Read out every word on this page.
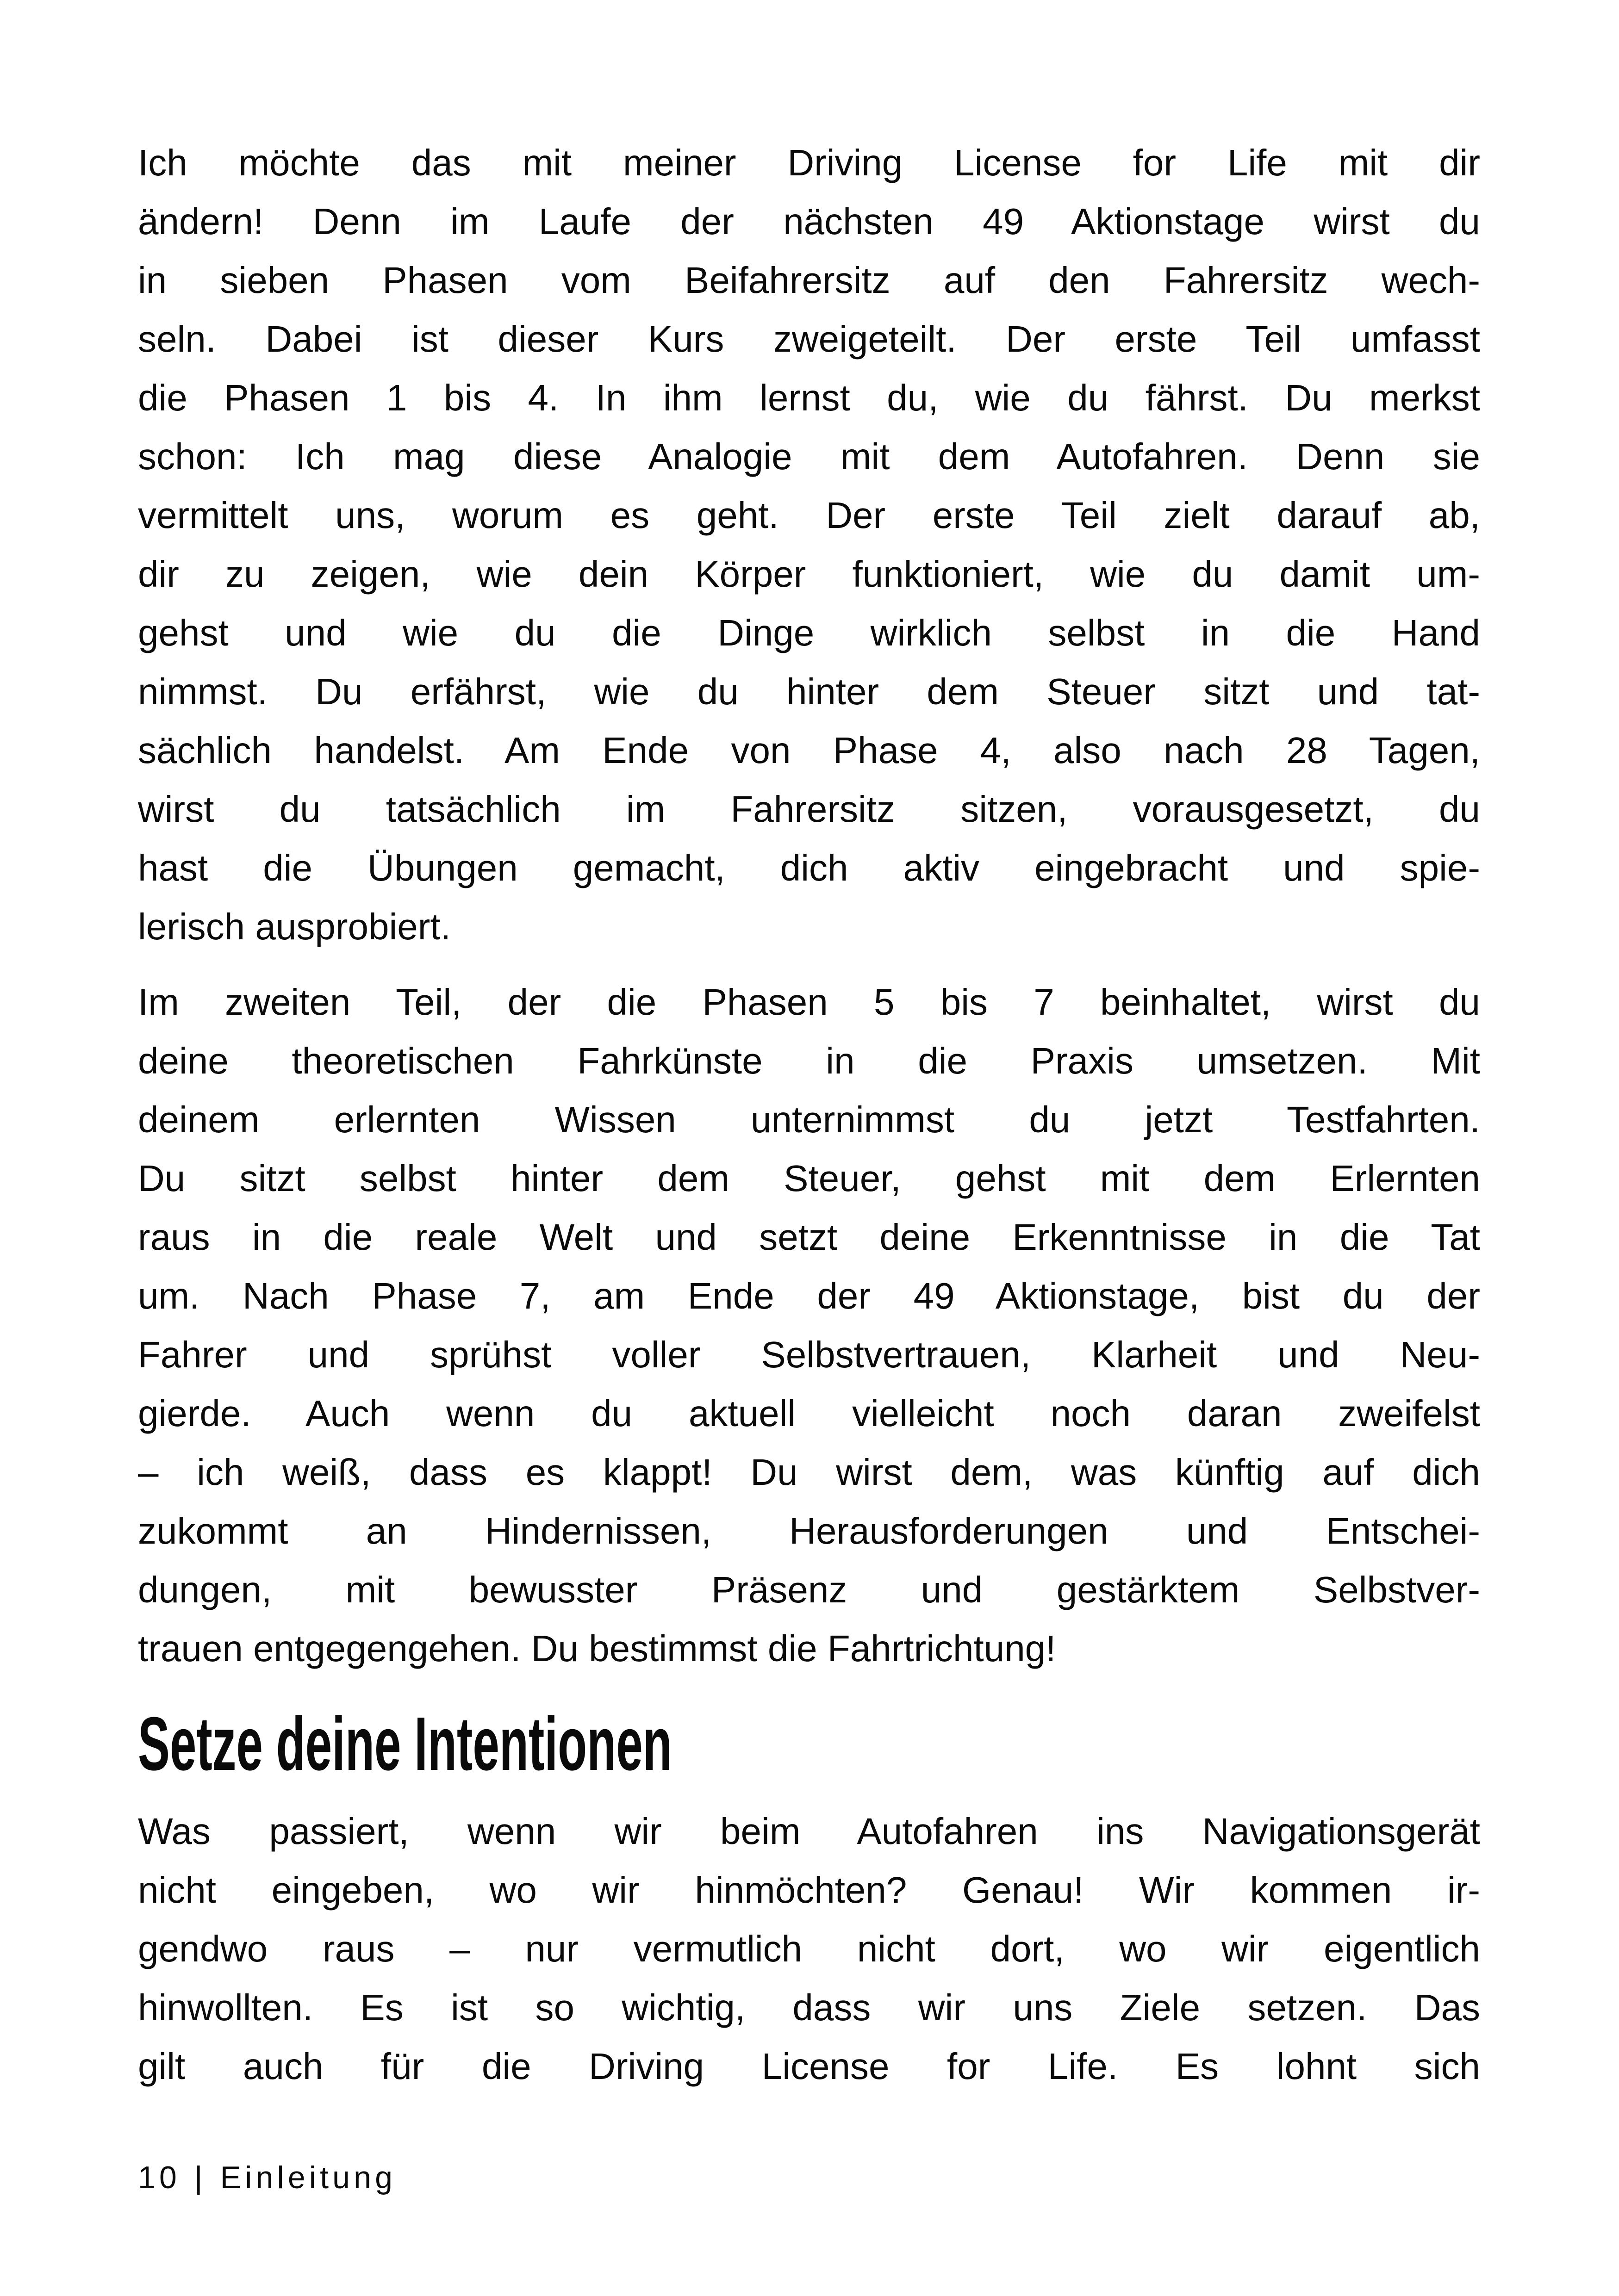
Ich möchte das mit meiner Driving License for Life mit dir
ändern! Denn im Laufe der nächsten 49 Aktionstage wirst du
in sieben Phasen vom Beifahrersitz auf den Fahrersitz wech-
seln. Dabei ist dieser Kurs zweigeteilt. Der erste Teil umfasst
die Phasen 1 bis 4. In ihm lernst du, wie du fährst. Du merkst
schon: Ich mag diese Analogie mit dem Autofahren. Denn sie
vermittelt uns, worum es geht. Der erste Teil zielt darauf ab,
dir zu zeigen, wie dein Körper funktioniert, wie du damit um-
gehst und wie du die Dinge wirklich selbst in die Hand
nimmst. Du erfährst, wie du hinter dem Steuer sitzt und tat-
sächlich handelst. Am Ende von Phase 4, also nach 28 Tagen,
wirst du tatsächlich im Fahrersitz sitzen, vorausgesetzt, du
hast die Übungen gemacht, dich aktiv eingebracht und spie-
lerisch ausprobiert.
Im zweiten Teil, der die Phasen 5 bis 7 beinhaltet, wirst du
deine theoretischen Fahrkünste in die Praxis umsetzen. Mit
deinem erlernten Wissen unternimmst du jetzt Testfahrten.
Du sitzt selbst hinter dem Steuer, gehst mit dem Erlernten
raus in die reale Welt und setzt deine Erkenntnisse in die Tat
um. Nach Phase 7, am Ende der 49 Aktionstage, bist du der
Fahrer und sprühst voller Selbstvertrauen, Klarheit und Neu-
gierde. Auch wenn du aktuell vielleicht noch daran zweifelst
– ich weiß, dass es klappt! Du wirst dem, was künftig auf dich
zukommt an Hindernissen, Herausforderungen und Entschei-
dungen, mit bewusster Präsenz und gestärktem Selbstver-
trauen entgegengehen. Du bestimmst die Fahrtrichtung!
Setze deine Intentionen
Was passiert, wenn wir beim Autofahren ins Navigationsgerät
nicht eingeben, wo wir hinmöchten? Genau! Wir kommen ir-
gendwo raus – nur vermutlich nicht dort, wo wir eigentlich
hinwollten. Es ist so wichtig, dass wir uns Ziele setzen. Das
gilt auch für die Driving License for Life. Es lohnt sich
10 | Einleitung
